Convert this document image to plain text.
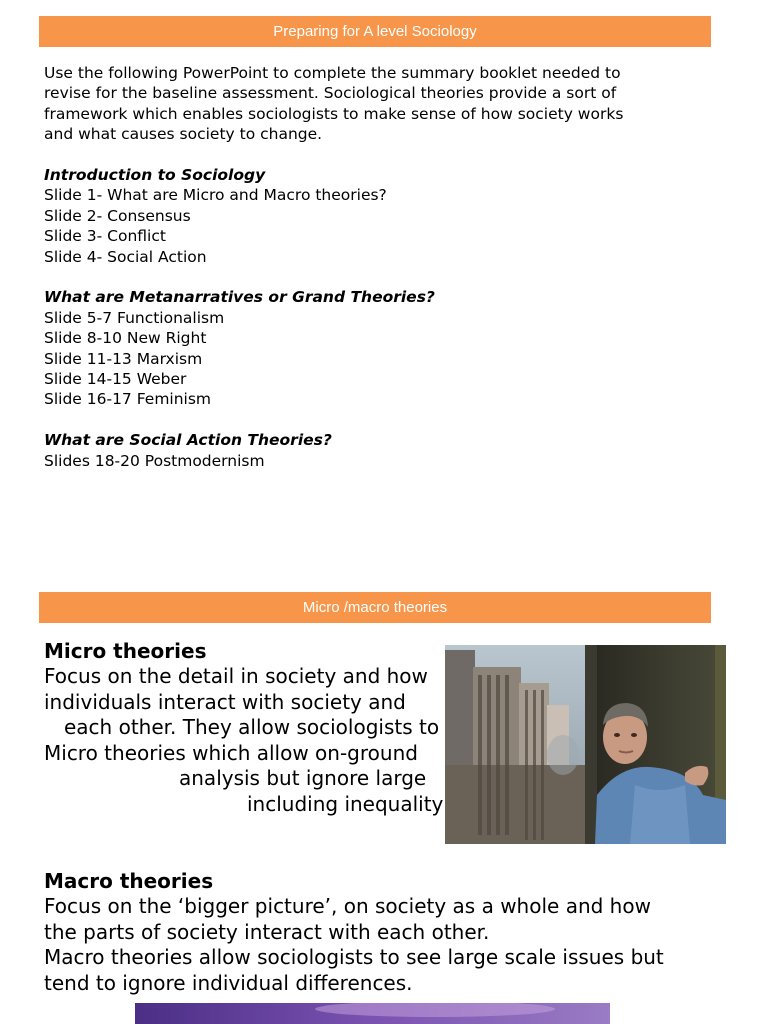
Preparing for A level Sociology
Use the following PowerPoint to complete the summary booklet needed to
revise for the baseline assessment. Sociological theories provide a sort of
framework which enables sociologists to make sense of how society works
and what causes society to change.
Introduction to Sociology
Slide 1- What are Micro and Macro theories?
Slide 2- Consensus
Slide 3- Conflict
Slide 4- Social Action
What are Metanarratives or Grand Theories?
Slide 5-7 Functionalism
Slide 8-10 New Right
Slide 11-13 Marxism
Slide 14-15 Weber
Slide 16-17 Feminism
What are Social Action Theories?
Slides 18-20 Postmodernism
Micro /macro theories
Micro theories
Focus on the detail in society and how
individuals interact with society and
each other. They allow sociologists to
Micro theories which allow on-ground
analysis but ignore large
including inequality
Macro theories
Focus on the ‘bigger picture’, on society as a whole and how
the parts of society interact with each other.
Macro theories allow sociologists to see large scale issues but
tend to ignore individual differences.
